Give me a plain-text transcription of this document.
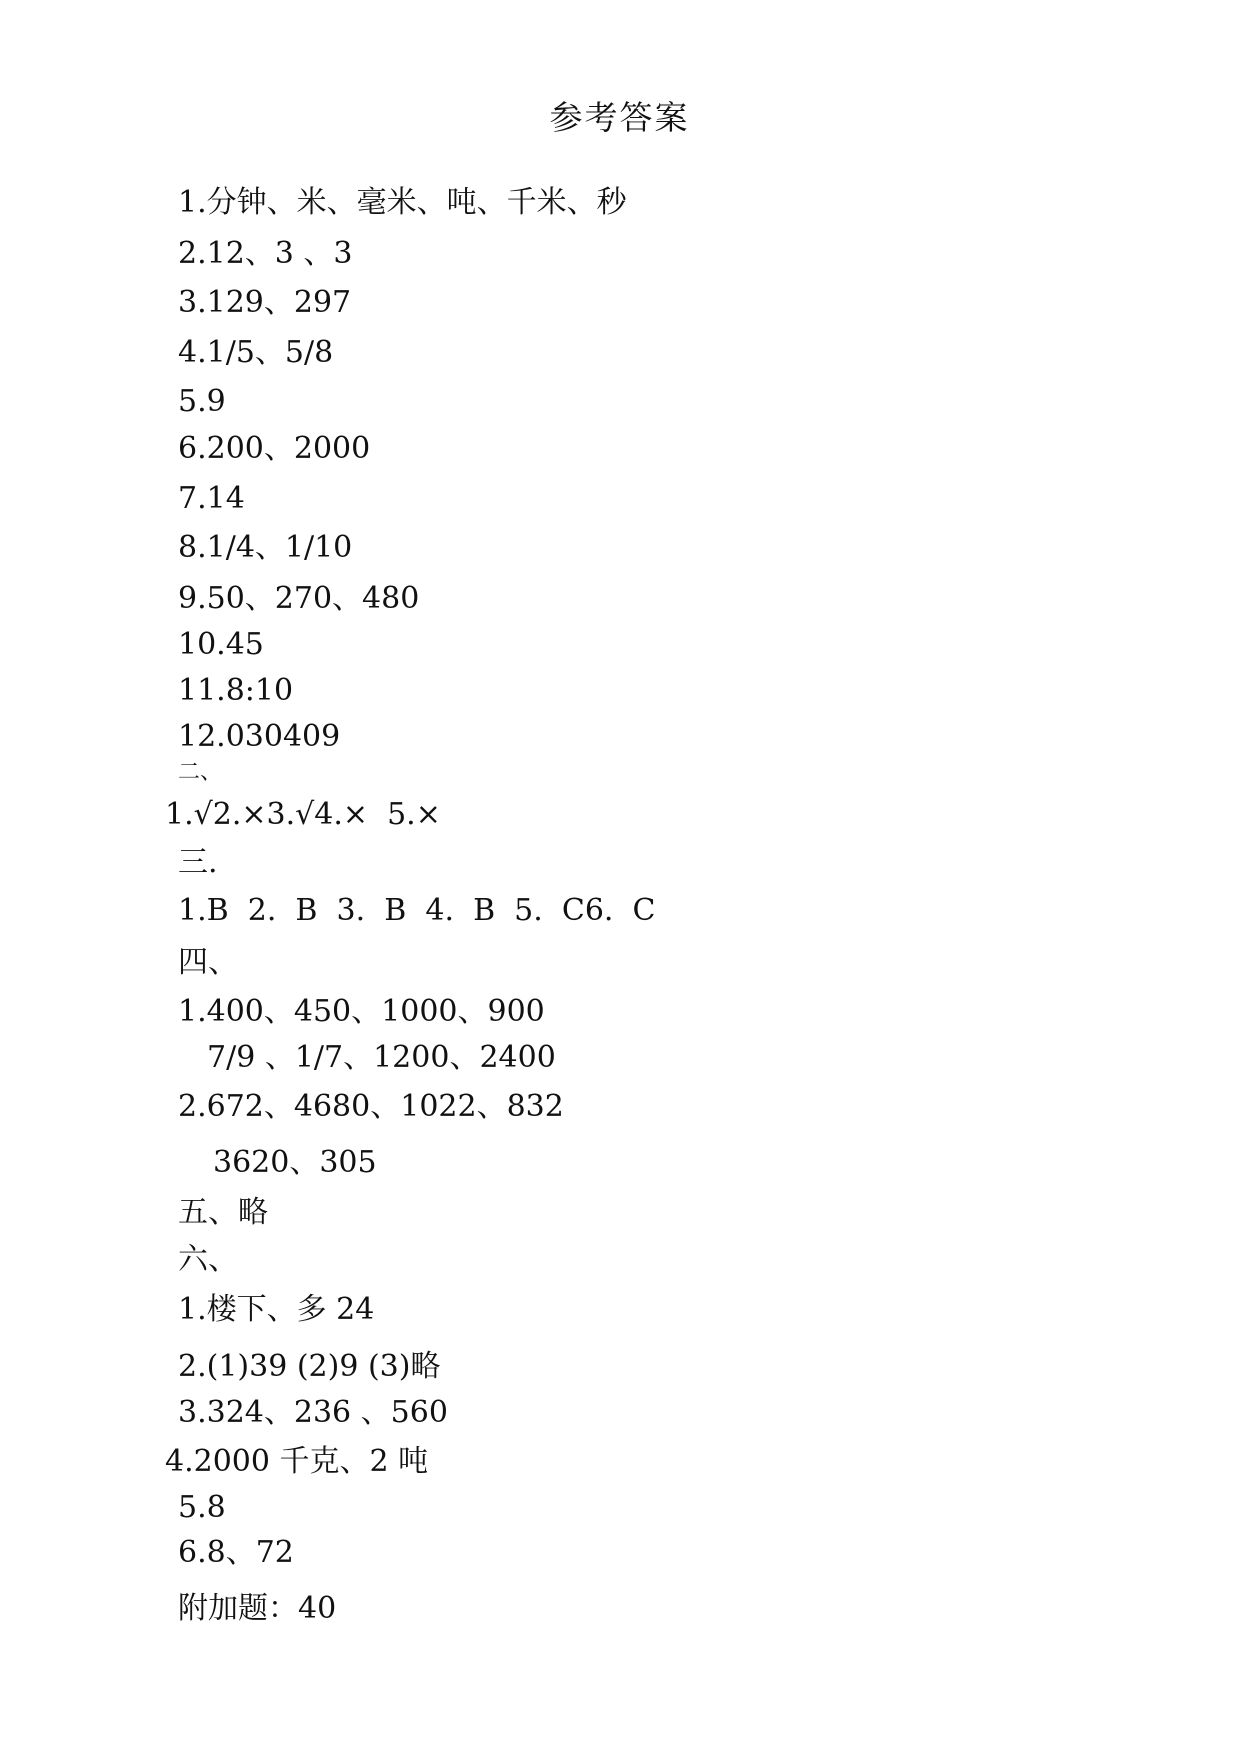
参考答案
1.分钟、米、毫米、吨、千米、秒
2.12、3 、3
3.129、297
4.1/5、5/8
5.9
6.200、2000
7.14
8.1/4、1/10
9.50、270、480
10.45
11.8:10
12.030409
二、
1.√2.×3.√4.×  5.×
三.
1.B  2.  B  3.  B  4.  B  5.  C6.  C
四、
1.400、450、1000、900
7/9 、1/7、1200、2400
2.672、4680、1022、832
3620、305
五、略
六、
1.楼下、多 24
2.(1)39 (2)9 (3)略
3.324、236 、560
4.2000 千克、2 吨
5.8
6.8、72
附加题：40
